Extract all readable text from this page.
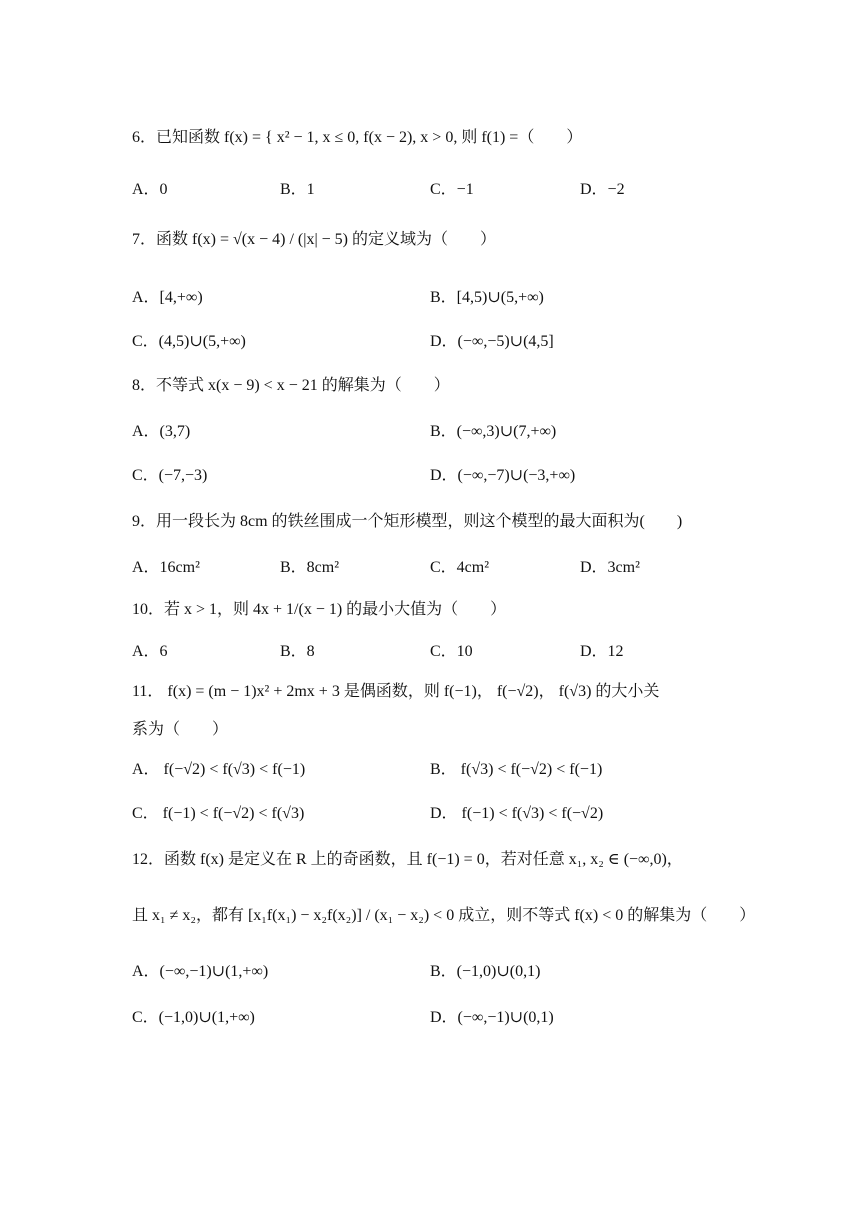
6．已知函数 f(x) = { x² − 1, x ≤ 0, f(x − 2), x > 0, 则 f(1) =（　　）
A．0	B．1	C．−1	D．−2
7．函数 f(x) = √(x − 4) / (|x| − 5) 的定义域为（　　）
A．[4,+∞)	B．[4,5)∪(5,+∞)
C．(4,5)∪(5,+∞)	D．(−∞,−5)∪(4,5]
8．不等式 x(x − 9) < x − 21 的解集为（　　）
A．(3,7)	B．(−∞,3)∪(7,+∞)
C．(−7,−3)	D．(−∞,−7)∪(−3,+∞)
9．用一段长为 8cm 的铁丝围成一个矩形模型，则这个模型的最大面积为(　　)
A．16cm²	B．8cm²	C．4cm²	D．3cm²
10．若 x > 1，则 4x + 1/(x − 1) 的最小大值为（　　）
A．6	B．8	C．10	D．12
11． f(x) = (m − 1)x² + 2mx + 3 是偶函数，则 f(−1)， f(−√2)， f(√3) 的大小关
系为（　　）
A． f(−√2) < f(√3) < f(−1)	B． f(√3) < f(−√2) < f(−1)
C． f(−1) < f(−√2) < f(√3)	D． f(−1) < f(√3) < f(−√2)
12．函数 f(x) 是定义在 R 上的奇函数，且 f(−1) = 0，若对任意 x₁, x₂ ∈ (−∞,0)，
且 x₁ ≠ x₂，都有 [x₁f(x₁) − x₂f(x₂)] / (x₁ − x₂) < 0 成立，则不等式 f(x) < 0 的解集为（　　）
A．(−∞,−1)∪(1,+∞)	B．(−1,0)∪(0,1)
C．(−1,0)∪(1,+∞)	D．(−∞,−1)∪(0,1)
